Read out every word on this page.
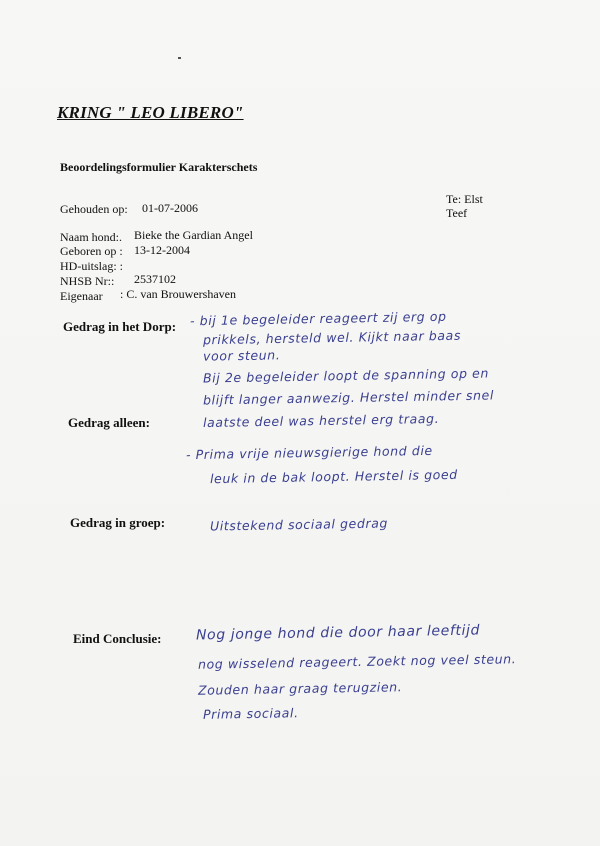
KRING " LEO LIBERO"
Beoordelingsformulier Karakterschets
Gehouden op: 01-07-2006
Te: Elst
Teef
Naam hond:. Bieke the Gardian Angel
Geboren op : 13-12-2004
HD-uitslag: :
NHSB Nr:: 2537102
Eigenaar : C. van Brouwershaven
Gedrag in het Dorp: - bij 1e begeleider reageert zij erg op
prikkels, hersteld wel. Kijkt naar baas
voor steun.
Bij 2e begeleider loopt de spanning op en
blijft langer aanwezig. Herstel minder snel
laatste deel was herstel erg traag.
Gedrag alleen:
- Prima vrije nieuwsgierige hond die
leuk in de bak loopt. Herstel is goed
Gedrag in groep:	Uitstekend sociaal gedrag
Eind Conclusie: Nog jonge hond die door haar leeftijd
nog wisselend reageert. Zoekt nog veel steun.
Zouden haar graag terugzien.
Prima sociaal.
